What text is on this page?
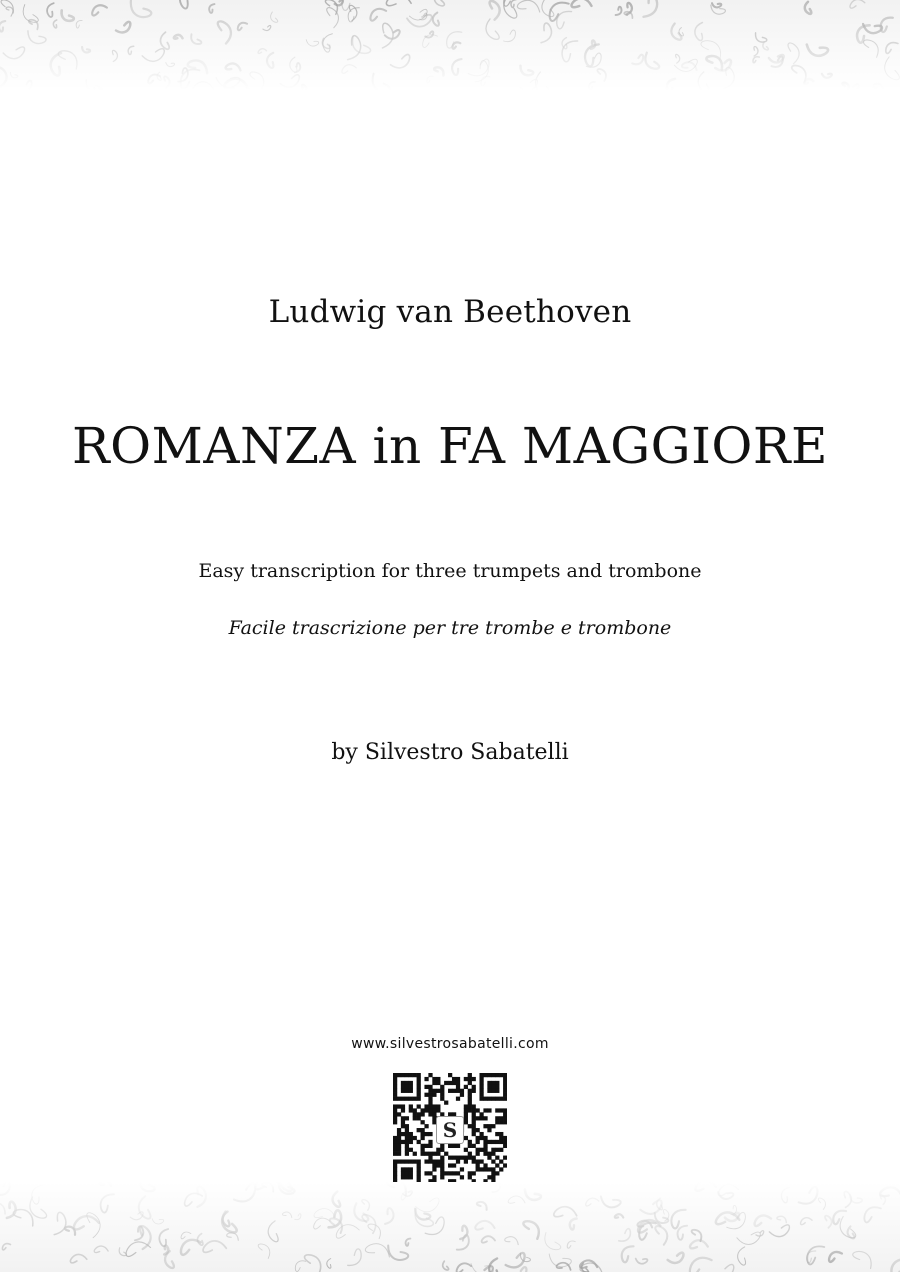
Ludwig van Beethoven
ROMANZA in FA MAGGIORE
Easy transcription for three trumpets and trombone
Facile trascrizione per tre trombe e trombone
by Silvestro Sabatelli
www.silvestrosabatelli.com
S
